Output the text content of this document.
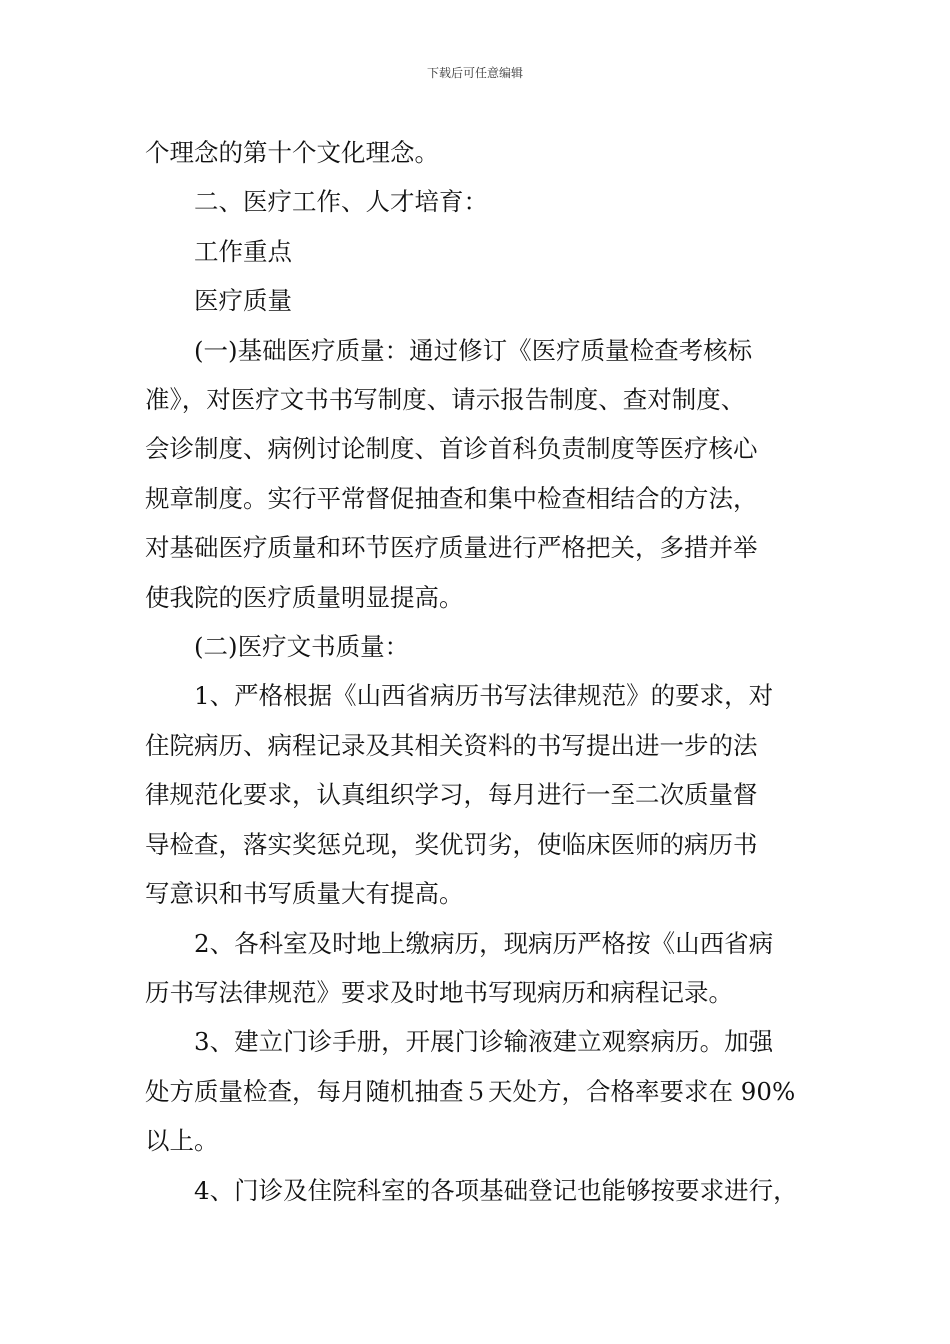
下载后可任意编辑
个理念的第十个文化理念。
二、医疗工作、人才培育：
工作重点
医疗质量
(一)基础医疗质量：通过修订《医疗质量检查考核标
准》，对医疗文书书写制度、请示报告制度、查对制度、
会诊制度、病例讨论制度、首诊首科负责制度等医疗核心
规章制度。实行平常督促抽查和集中检查相结合的方法，
对基础医疗质量和环节医疗质量进行严格把关，多措并举
使我院的医疗质量明显提高。
(二)医疗文书质量：
1、严格根据《山西省病历书写法律规范》的要求，对
住院病历、病程记录及其相关资料的书写提出进一步的法
律规范化要求，认真组织学习，每月进行一至二次质量督
导检查，落实奖惩兑现，奖优罚劣，使临床医师的病历书
写意识和书写质量大有提高。
2、各科室及时地上缴病历，现病历严格按《山西省病
历书写法律规范》要求及时地书写现病历和病程记录。
3、建立门诊手册，开展门诊输液建立观察病历。加强
处方质量检查，每月随机抽查５天处方，合格率要求在 90%
以上。
4、门诊及住院科室的各项基础登记也能够按要求进行，
